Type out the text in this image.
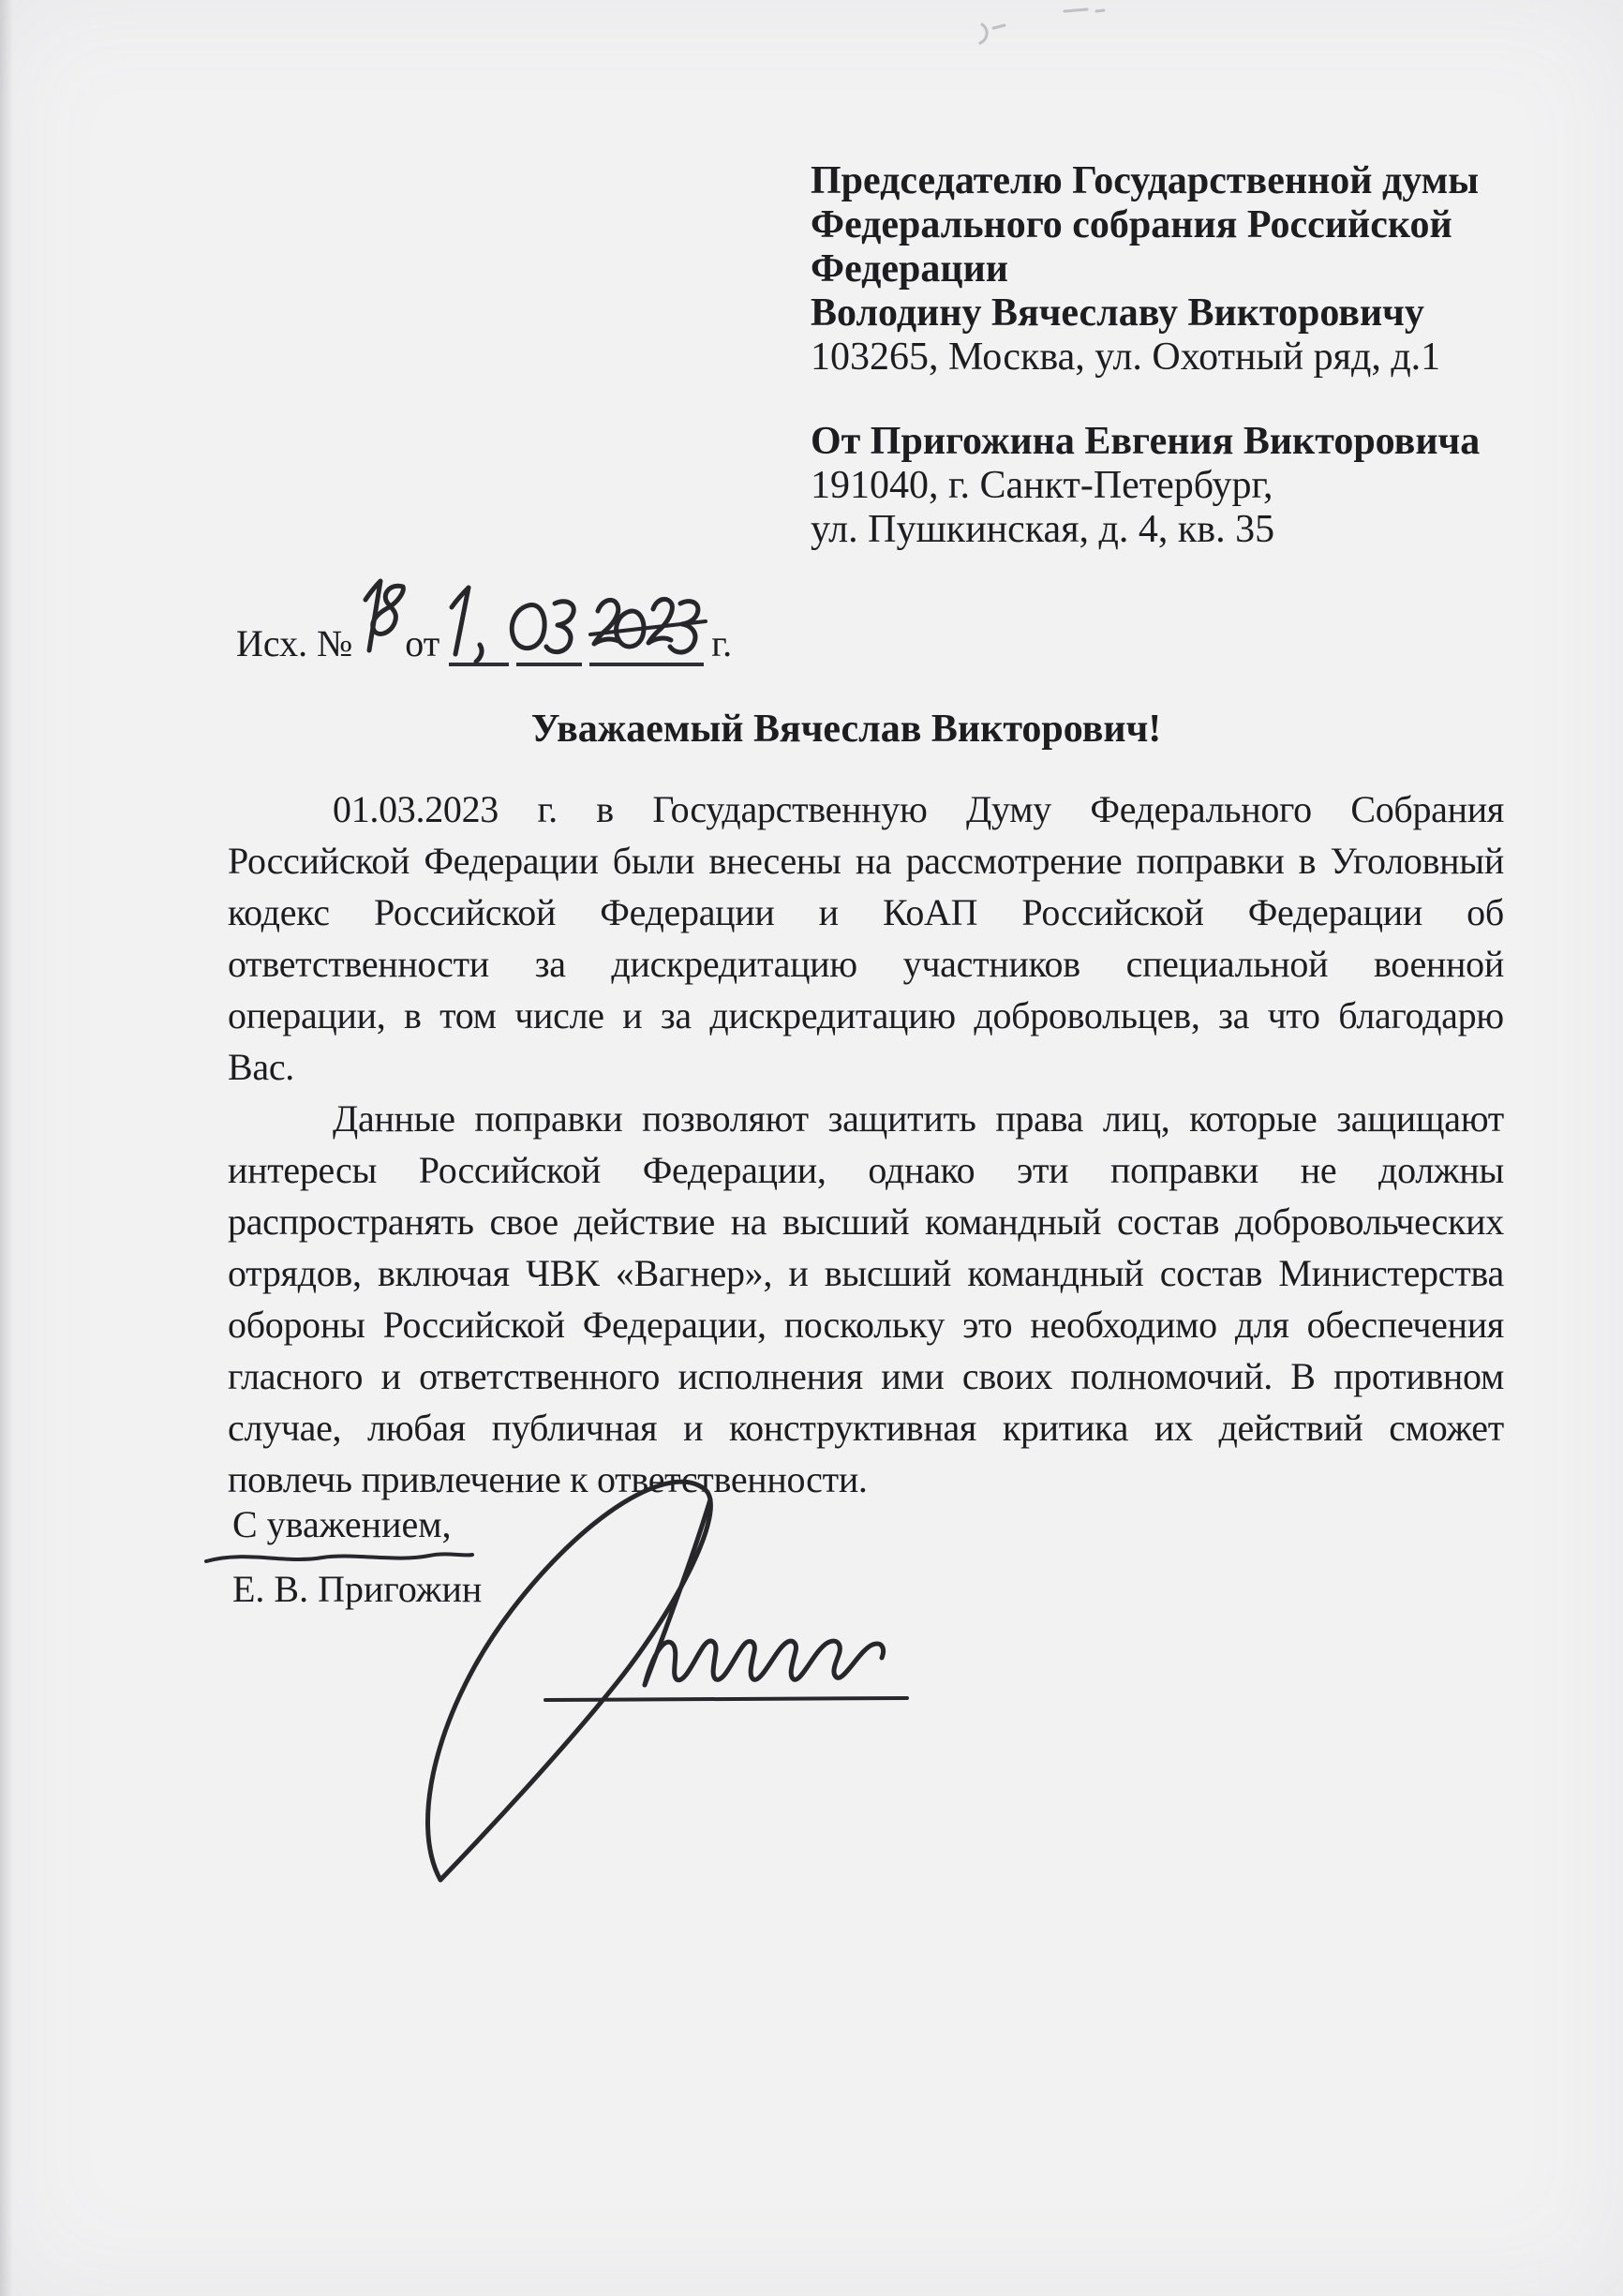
Председателю Государственной думы
Федерального собрания Российской
Федерации
Володину Вячеславу Викторовичу
103265, Москва, ул. Охотный ряд, д.1
От Пригожина Евгения Викторовича
191040, г. Санкт-Петербург,
ул. Пушкинская, д. 4, кв. 35
Исх. № от	г.
Уважаемый Вячеслав Викторович!
01.03.2023 г. в Государственную Думу Федерального Собрания
Российской Федерации были внесены на рассмотрение поправки в Уголовный
кодекс Российской Федерации и КоАП Российской Федерации об
ответственности за дискредитацию участников специальной военной
операции, в том числе и за дискредитацию добровольцев, за что благодарю
Вас.
Данные поправки позволяют защитить права лиц, которые защищают
интересы Российской Федерации, однако эти поправки не должны
распространять свое действие на высший командный состав добровольческих
отрядов, включая ЧВК «Вагнер», и высший командный состав Министерства
обороны Российской Федерации, поскольку это необходимо для обеспечения
гласного и ответственного исполнения ими своих полномочий. В противном
случае, любая публичная и конструктивная критика их действий сможет
повлечь привлечение к ответственности.
С уважением,
Е. В. Пригожин
